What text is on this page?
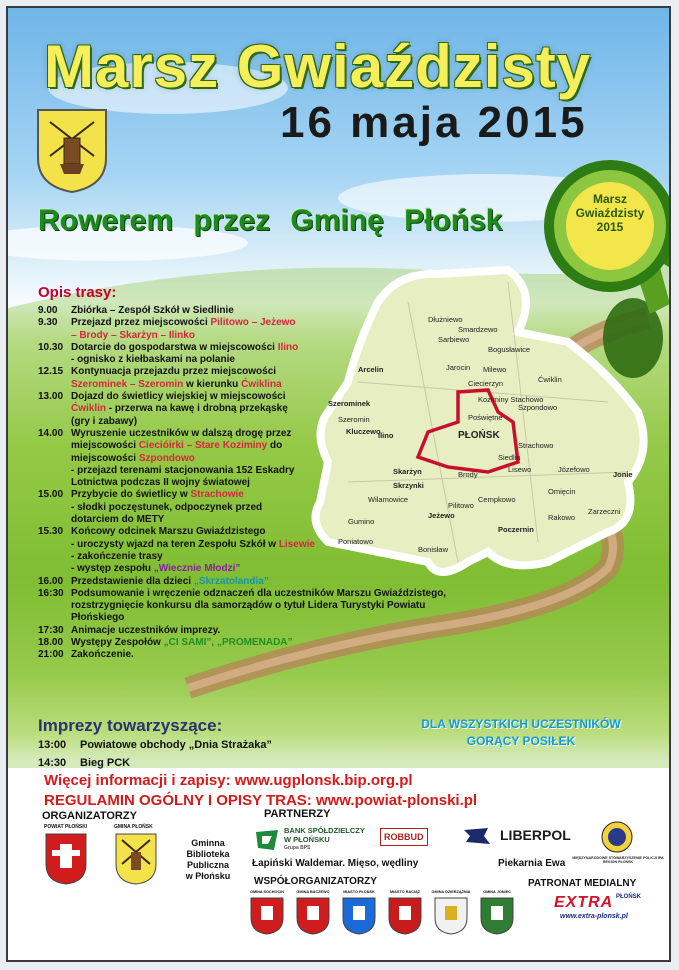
Marsz Gwiaździsty
16 maja 2015
Rowerem przez Gminę Płońsk
Marsz
Gwiaździsty
2015
Dłużniewo
Smardzewo
Sarbiewo
Jarocin Milewo
Arcelin
Ciecierzyn
Koziminy Stachowo
Poświętne
Szpondowo
Szerominek
Szeromin
Kluczewo
Ilino	PŁOŃSK
Strachowo
Skarżyn
Skrzynki
Siedlin
Lisewo
Brody
Cempkowo
Omięcin
Jeżewo
Pilitowo
Poczernin
Wilamowice
Gumino
Poniatowo
Bonisław
Ćwiklin
Józefowo
Bogusławice
Jonie
Zarzeczni
Rakowo
Opis trasy:
9.00	Zbiórka – Zespół Szkół w Siedlinie
9.30	Przejazd przez miejscowości Pilitowo – Jeżewo
– Brody – Skarżyn – Ilinko
10.30 Dotarcie do gospodarstwa w miejscowości Ilino
- ognisko z kiełbaskami na polanie
12.15 Kontynuacja przejazdu przez miejscowości
Szerominek – Szeromin w kierunku Ćwiklina
13.00 Dojazd do świetlicy wiejskiej w miejscowości
Ćwiklin - przerwa na kawę i drobną przekąskę
(gry i zabawy)
14.00 Wyruszenie uczestników w dalszą drogę przez
miejscowości Ciecióirki – Stare Koziminy do
miejscowości Szpondowo
- przejazd terenami stacjonowania 152 Eskadry
Lotnictwa podczas II wojny światowej
15.00 Przybycie do świetlicy w Strachowie
- słodki poczęstunek, odpoczynek przed
dotarciem do METY
15.30 Końcowy odcinek Marszu Gwiaździstego
- uroczysty wjazd na teren Zespołu Szkół w Lisewie
- zakończenie trasy
- występ zespołu „Wiecznie Młodzi”
16.00 Przedstawienie dla dzieci „Skrzatolandia”
16:30 Podsumowanie i wręczenie odznaczeń dla uczestników Marszu Gwiaździstego,
rozstrzygnięcie konkursu dla samorządów o tytuł Lidera Turystyki Powiatu Płońskiego
17:30 Animacje uczestników imprezy.
18.00 Występy Zespołów „CI SAMI”, „PROMENADA”
21:00 Zakończenie.
Imprezy towarzyszące:
13:00 Powiatowe obchody „Dnia Strażaka”
14:30 Bieg PCK
DLA WSZYSTKICH UCZESTNIKÓW
GORĄCY POSIŁEK
Więcej informacji i zapisy: www.ugplonsk.bip.org.pl
REGULAMIN OGÓLNY I OPISY TRAS: www.powiat-plonski.pl
ORGANIZATORZY
POWIAT PŁOŃSKI	GMINA PŁOŃSK
Gminna
Biblioteka
Publiczna
w Płońsku
PARTNERZY
BANK SPÓŁDZIELCZY
W PŁOŃSKU
Grupa BPS
ROBBUD	LIBERPOL
MIĘDZYNARODOWE STOWARZYSZENIE POLICJI IPA REGION PŁOŃSK
Łapiński Waldemar. Mięso, wędliny	Piekarnia Ewa
WSPÓŁORGANIZATORZY	PATRONAT MEDIALNY
GMINA SOCHOCIN	GMINA BACZEWO	MIASTO PŁOŃSK	MIASTO RACIĄŻ	GMINA DZIERZĄŻNIA	GMINA JONIEC
EXTRA PŁOŃSK
www.extra-plonsk.pl
